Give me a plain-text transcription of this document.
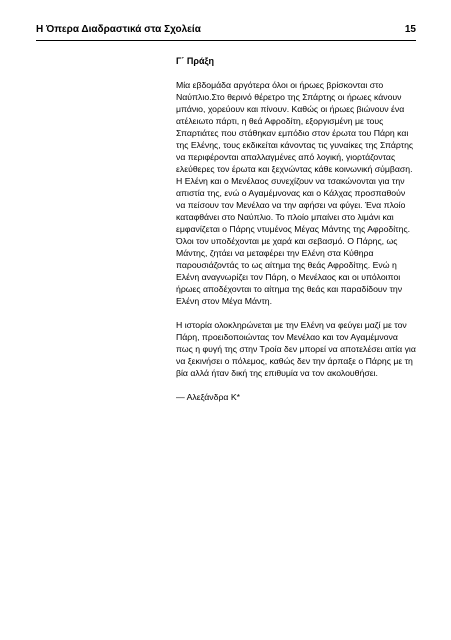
Η Όπερα Διαδραστικά στα Σχολεία	15
Γ΄ Πράξη

Μία εβδομάδα αργότερα όλοι οι ήρωες βρίσκονται στο Ναύπλιο.Στο θερινό θέρετρο της Σπάρτης οι ήρωες κάνουν μπάνιο, χορεύουν και πίνουν. Καθώς οι ήρωες βιώνουν ένα ατέλειωτο πάρτι, η θεά Αφροδίτη, εξοργισμένη με τους Σπαρτιάτες που στάθηκαν εμπόδιο στον έρωτα του Πάρη και της Ελένης, τους εκδικείται κάνοντας τις γυναίκες της Σπάρτης να περιφέρονται απαλλαγμένες από λογική, γιορτάζοντας ελεύθερες τον έρωτα και ξεχνώντας κάθε κοινωνική σύμβαση.

Η Ελένη και ο Μενέλαος συνεχίζουν να τσακώνονται για την απιστία της, ενώ ο Αγαμέμνονας και ο Κάλχας προσπαθούν να πείσουν τον Μενέλαο να την αφήσει να φύγει. Ένα πλοίο καταφθάνει στο Ναύπλιο. Το πλοίο μπαίνει στο λιμάνι και εμφανίζεται ο Πάρης ντυμένος Μέγας Μάντης της Αφροδίτης. Όλοι τον υποδέχονται με χαρά και σεβασμό. Ο Πάρης, ως Μάντης, ζητάει να μεταφέρει την Ελένη στα Κύθηρα παρουσιάζοντάς το ως αίτημα της θεάς Αφροδίτης. Ενώ η Ελένη αναγνωρίζει τον Πάρη, ο Μενέλαος και οι υπόλοιποι ήρωες αποδέχονται το αίτημα της θεάς και παραδίδουν την Ελένη στον Μέγα Μάντη.

Η ιστορία ολοκληρώνεται με την Ελένη να φεύγει μαζί με τον Πάρη, προειδοποιώντας τον Μενέλαο και τον Αγαμέμνονα πως η φυγή της στην Τροία δεν μπορεί να αποτελέσει αιτία για να ξεκινήσει ο πόλεμος, καθώς δεν την άρπαξε ο Πάρης με τη βία αλλά ήταν δική της επιθυμία να τον ακολουθήσει.

— Αλεξάνδρα Κ*
